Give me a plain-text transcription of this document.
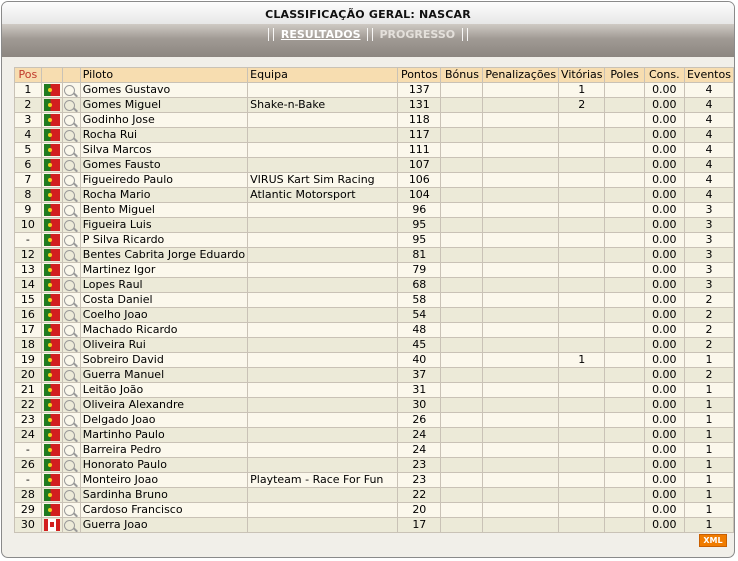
CLASSIFICAÇÃO GERAL: NASCAR
RESULTADOS PROGRESSO
Pos			Piloto	Equipa	Pontos	Bónus	Penalizações	Vitórias	Poles	Cons.	Eventos
1			Gomes Gustavo		137			1		0.00	4
2			Gomes Miguel	Shake-n-Bake	131			2		0.00	4
3			Godinho Jose		118					0.00	4
4			Rocha Rui		117					0.00	4
5			Silva Marcos		111					0.00	4
6			Gomes Fausto		107					0.00	4
7			Figueiredo Paulo	VIRUS Kart Sim Racing	106					0.00	4
8			Rocha Mario	Atlantic Motorsport	104					0.00	4
9			Bento Miguel		96					0.00	3
10			Figueira Luis		95					0.00	3
-			P Silva Ricardo		95					0.00	3
12			Bentes Cabrita Jorge Eduardo		81					0.00	3
13			Martinez Igor		79					0.00	3
14			Lopes Raul		68					0.00	3
15			Costa Daniel		58					0.00	2
16			Coelho Joao		54					0.00	2
17			Machado Ricardo		48					0.00	2
18			Oliveira Rui		45					0.00	2
19			Sobreiro David		40			1		0.00	1
20			Guerra Manuel		37					0.00	2
21			Leitão João		31					0.00	1
22			Oliveira Alexandre		30					0.00	1
23			Delgado Joao		26					0.00	1
24			Martinho Paulo		24					0.00	1
-			Barreira Pedro		24					0.00	1
26			Honorato Paulo		23					0.00	1
-			Monteiro Joao	Playteam - Race For Fun	23					0.00	1
28			Sardinha Bruno		22					0.00	1
29			Cardoso Francisco		20					0.00	1
30			Guerra Joao		17					0.00	1
XML
